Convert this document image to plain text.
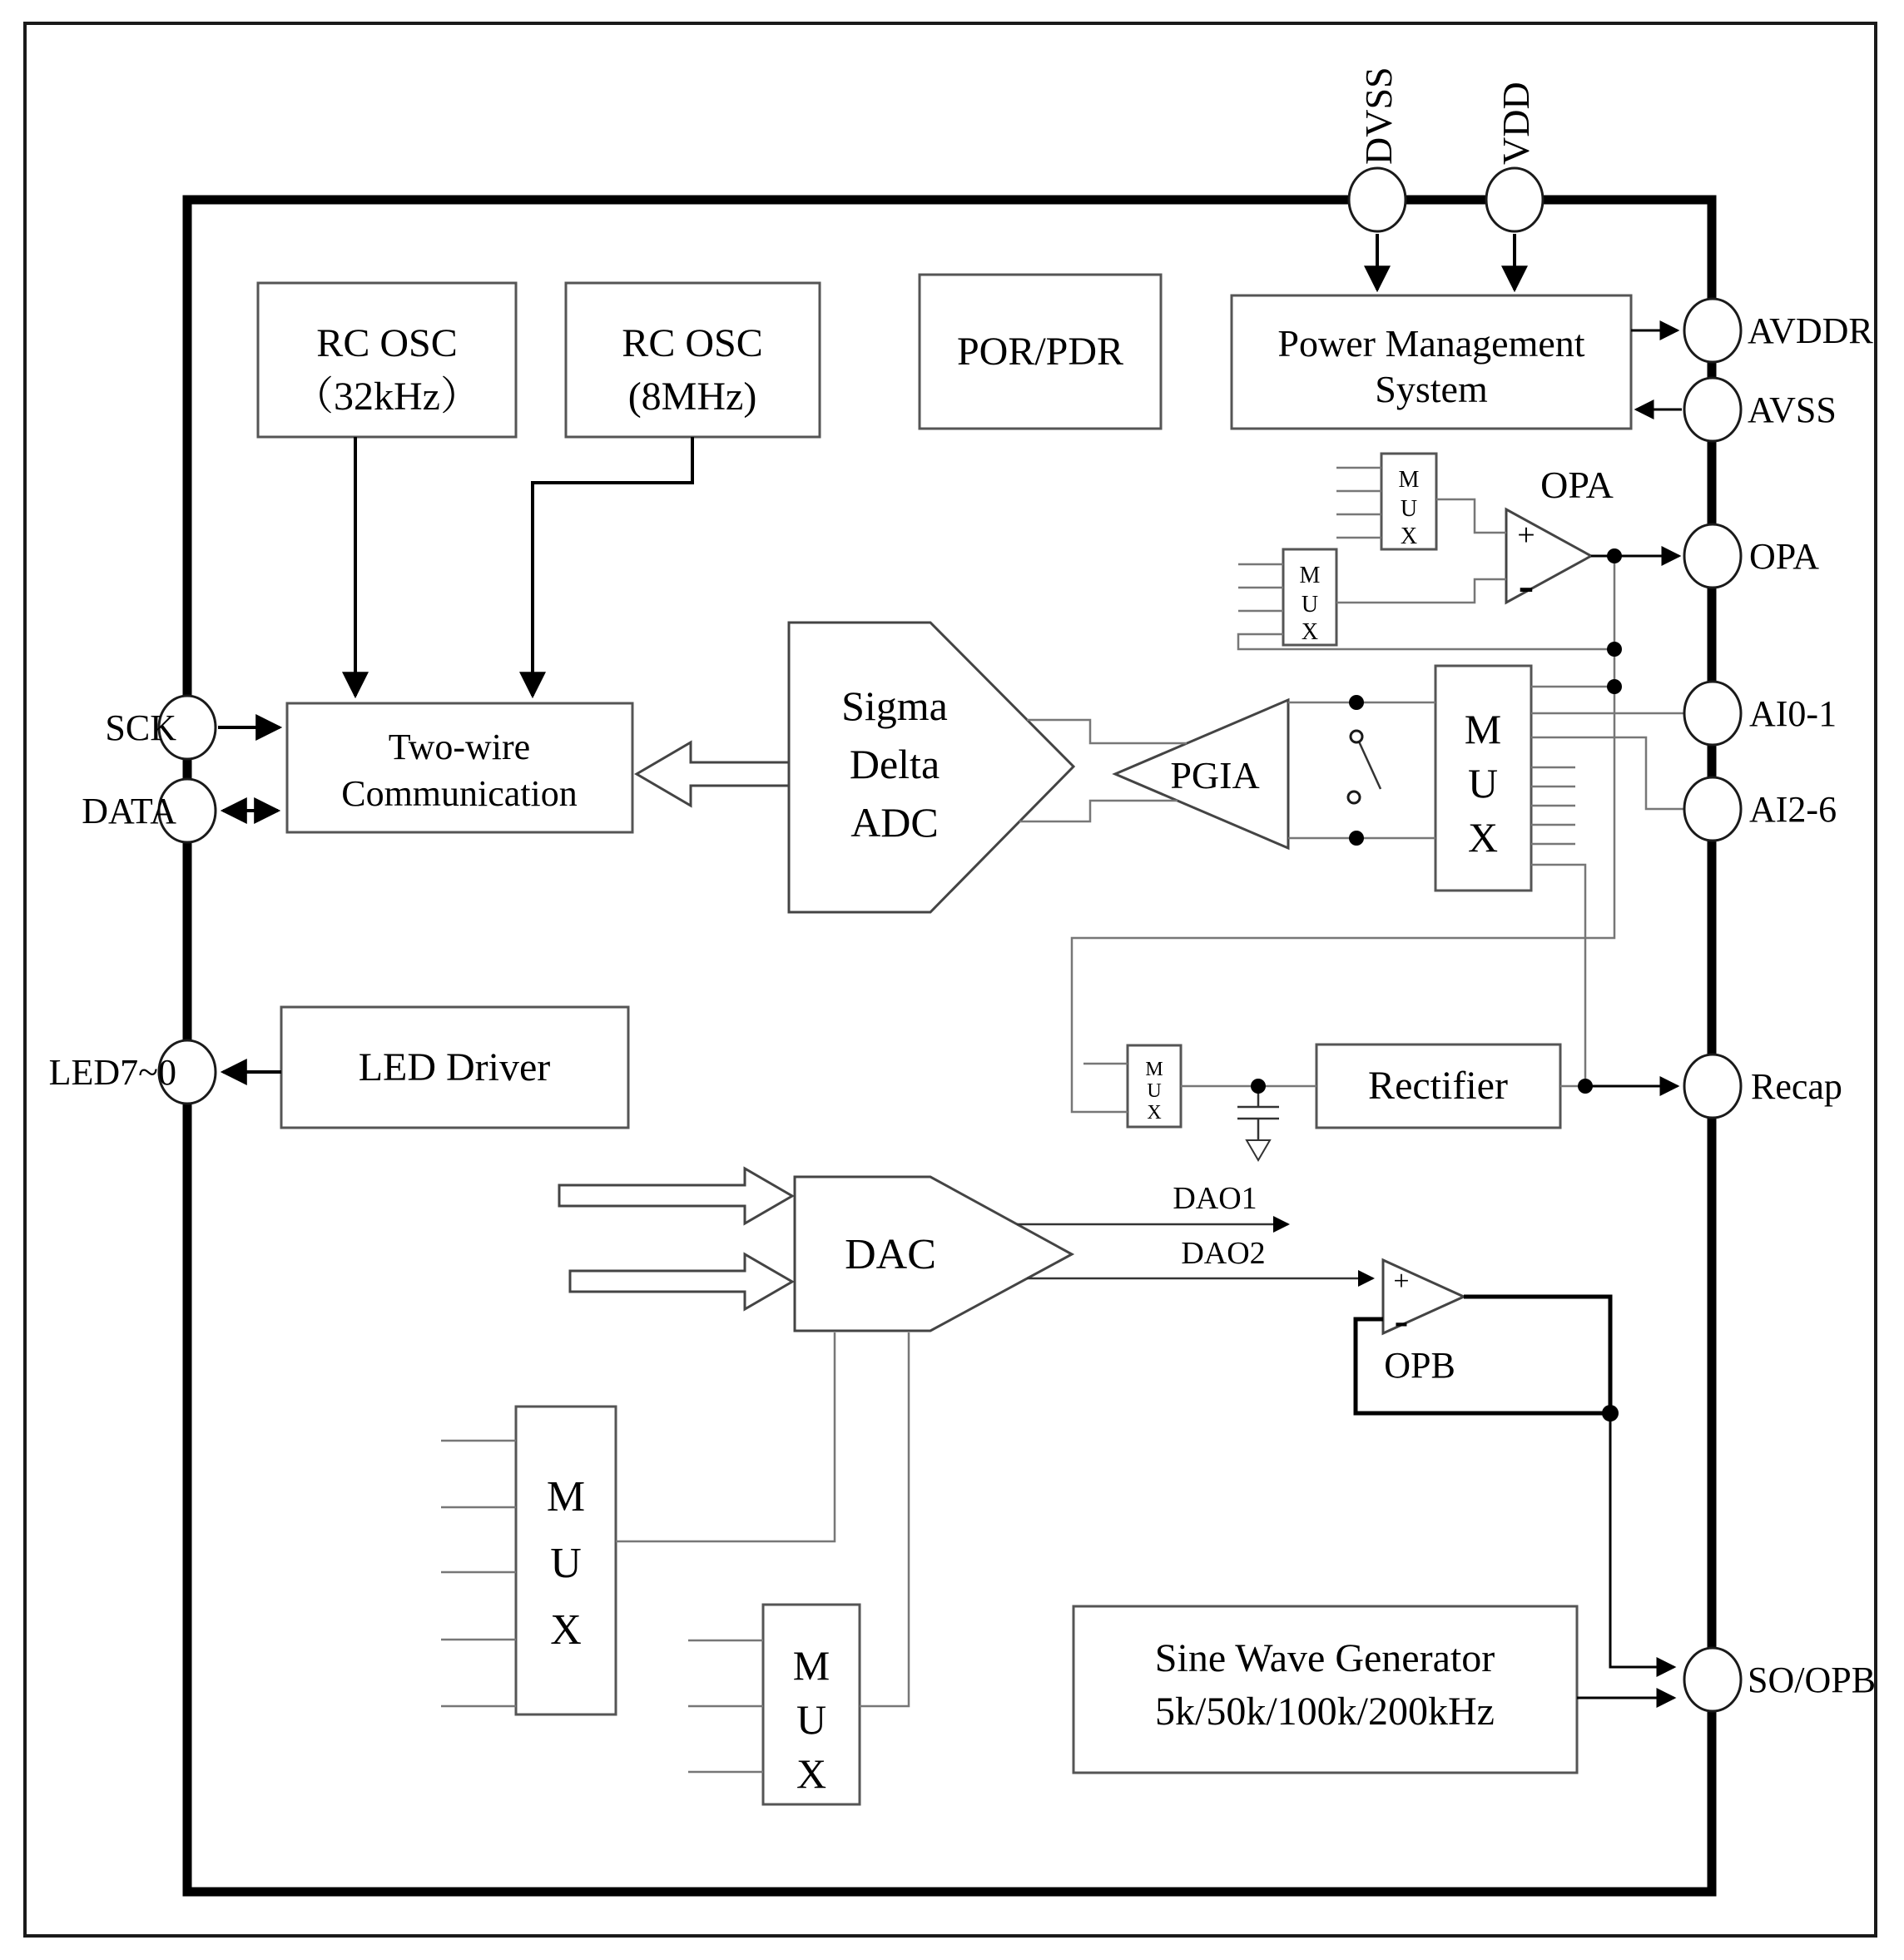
DVSS VDD
AVDDR
AVSS
OPA
AI0-1
AI2-6
Recap
SO/OPB
SCK
DATA
LED7~0
RC OSC
（32kHz）
RC OSC
(8MHz)
POR/PDR	Power Management
System
Two-wire
Communication
Sigma
Delta
ADC
PGIA
LED Driver	Rectifier
DAC
Sine Wave Generator
5k/50k/100k/200kHz
OPA
+
-
OPB
+
-
DAO1
DAO2
M
U
X
M
U
X
M
U
X
M
U
X
M
U
X
M
U
X
